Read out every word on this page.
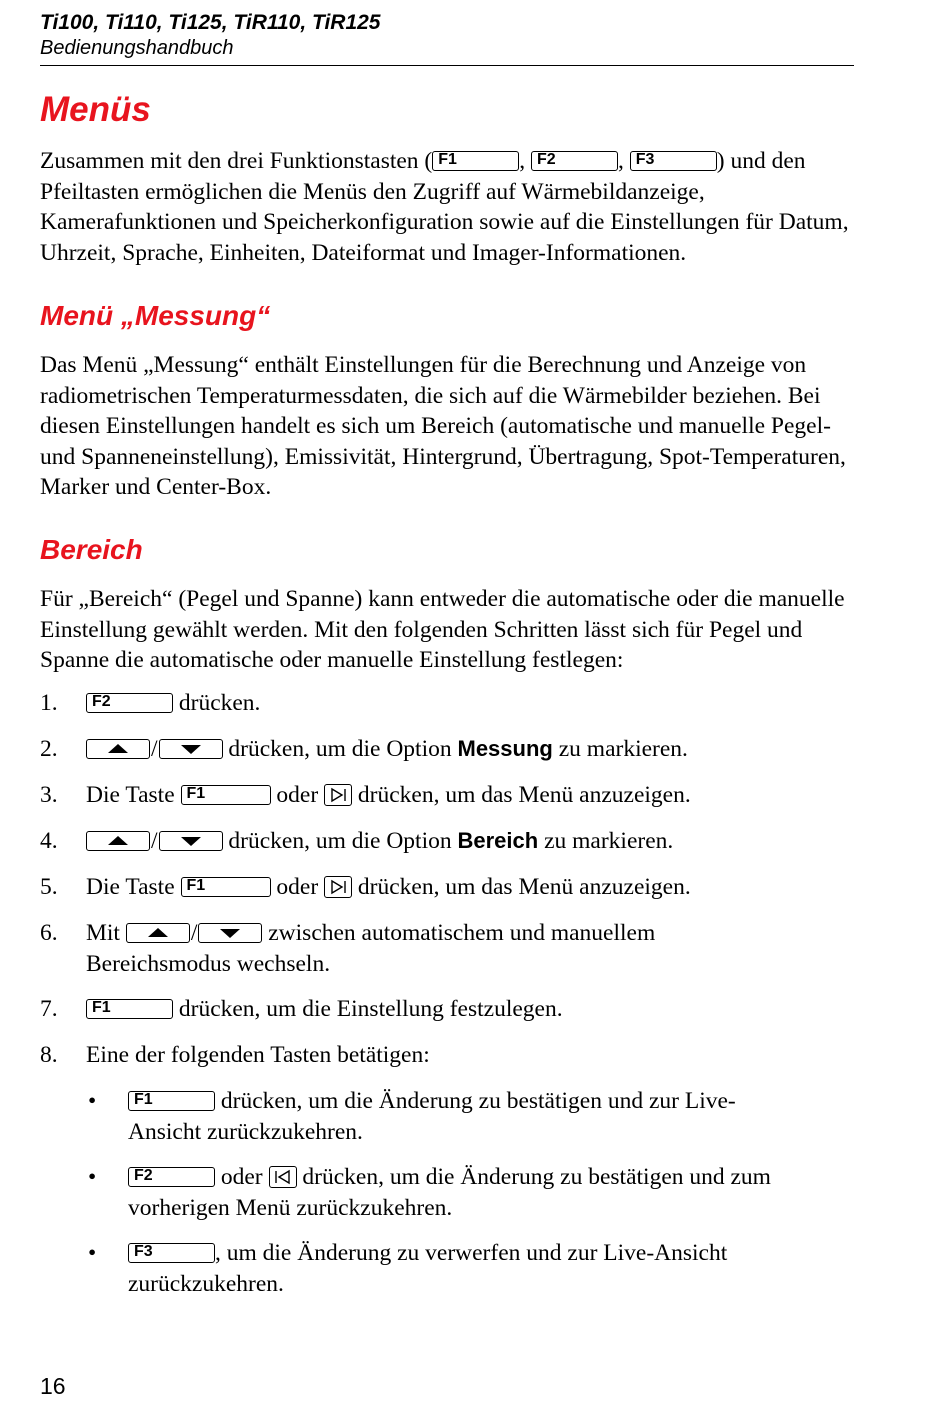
Ti100, Ti110, Ti125, TiR110, TiR125
Bedienungshandbuch
Menüs

Zusammen mit den drei Funktionstasten ( F1	, F2	, F3	) und den Pfeiltasten ermöglichen die Menüs den Zugriff auf Wärmebildanzeige, Kamerafunktionen und Speicherkonfiguration sowie auf die Einstellungen für Datum, Uhrzeit, Sprache, Einheiten, Dateiformat und Imager-Informationen.

Menü „Messung“

Das Menü „Messung“ enthält Einstellungen für die Berechnung und Anzeige von radiometrischen Temperaturmessdaten, die sich auf die Wärmebilder beziehen. Bei diesen Einstellungen handelt es sich um Bereich (automatische und manuelle Pegel- und Spanneneinstellung), Emissivität, Hintergrund, Übertragung, Spot-Temperaturen, Marker und Center-Box.

Bereich

Für „Bereich“ (Pegel und Spanne) kann entweder die automatische oder die manuelle Einstellung gewählt werden. Mit den folgenden Schritten lässt sich für Pegel und Spanne die automatische oder manuelle Einstellung festlegen:

1. F2	drücken.
2.	/	drücken, um die Option Messung zu markieren.
3. Die Taste F1	oder drücken, um das Menü anzuzeigen.
4.	/	drücken, um die Option Bereich zu markieren.
5. Die Taste F1	oder drücken, um das Menü anzuzeigen.
6. Mit	/	zwischen automatischem und manuellem Bereichsmodus wechseln.
7. F1	drücken, um die Einstellung festzulegen.
8. Eine der folgenden Tasten betätigen:
• F1	drücken, um die Änderung zu bestätigen und zur Live-Ansicht zurückzukehren.
• F2	oder drücken, um die Änderung zu bestätigen und zum vorherigen Menü zurückzukehren.
• F3	, um die Änderung zu verwerfen und zur Live-Ansicht zurückzukehren.
16
